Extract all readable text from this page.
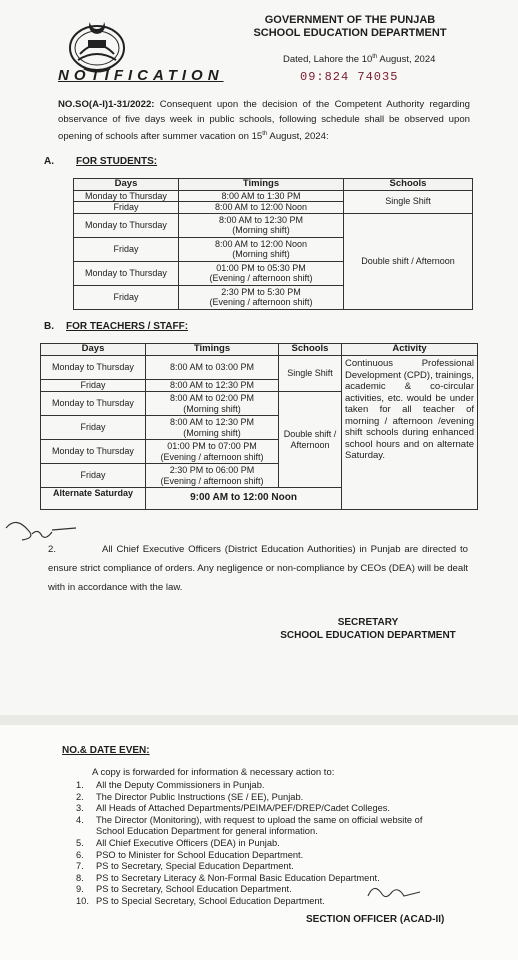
GOVERNMENT OF THE PUNJAB
SCHOOL EDUCATION DEPARTMENT
Dated, Lahore the 10th August, 2024
NOTIFICATION	09:824 74035
NO.SO(A-I)1-31/2022: Consequent upon the decision of the Competent Authority regarding observance of five days week in public schools, following schedule shall be observed upon opening of schools after summer vacation on 15th August, 2024:
A. FOR STUDENTS:
Days	Timings	Schools
Monday to Thursday	8:00 AM to 1:30 PM	Single Shift
Friday	8:00 AM to 12:00 Noon	
Monday to Thursday	8:00 AM to 12:30 PM
(Morning shift)	Double shift / Afternoon
Friday	8:00 AM to 12:00 Noon
(Morning shift)	

Monday to Thursday	01:00 PM to 05:30 PM
(Evening / afternoon shift)	

Friday	2:30 PM to 5:30 PM
(Evening / afternoon shift)	
B. FOR TEACHERS / STAFF:
Days	Timings	Schools	Activity
Monday to Thursday	8:00 AM to 03:00 PM	Single Shift	Continuous Professional Development (CPD), trainings, academic & co-circular activities, etc. would be under taken for all teacher of morning / afternoon /evening shift schools during enhanced school hours and on alternate Saturday.
Friday	8:00 AM to 12:30 PM		
Monday to Thursday	8:00 AM to 02:00 PM
(Morning shift)	Double shift / Afternoon	
Friday	8:00 AM to 12:30 PM
(Morning shift)		

Monday to Thursday	01:00 PM to 07:00 PM
(Evening / afternoon shift)		

Friday	2:30 PM to 06:00 PM
(Evening / afternoon shift)		

Alternate Saturday	9:00 AM to 12:00 Noon		
2.	All Chief Executive Officers (District Education Authorities) in Punjab are directed to ensure strict compliance of orders. Any negligence or non-compliance by CEOs (DEA) will be dealt with in accordance with the law.
SECRETARY
SCHOOL EDUCATION DEPARTMENT
NO.& DATE EVEN:
A copy is forwarded for information & necessary action to:
1.	All the Deputy Commissioners in Punjab.
2.	The Director Public Instructions (SE / EE), Punjab.
3.	All Heads of Attached Departments/PEIMA/PEF/DREP/Cadet Colleges.
4.	The Director (Monitoring), with request to upload the same on official website of School Education Department for general information.
5.	All Chief Executive Officers (DEA) in Punjab.
6.	PSO to Minister for School Education Department.
7.	PS to Secretary, Special Education Department.
8.	PS to Secretary Literacy & Non-Formal Basic Education Department.
9.	PS to Secretary, School Education Department.
10. PS to Special Secretary, School Education Department.
SECTION OFFICER (ACAD-II)
